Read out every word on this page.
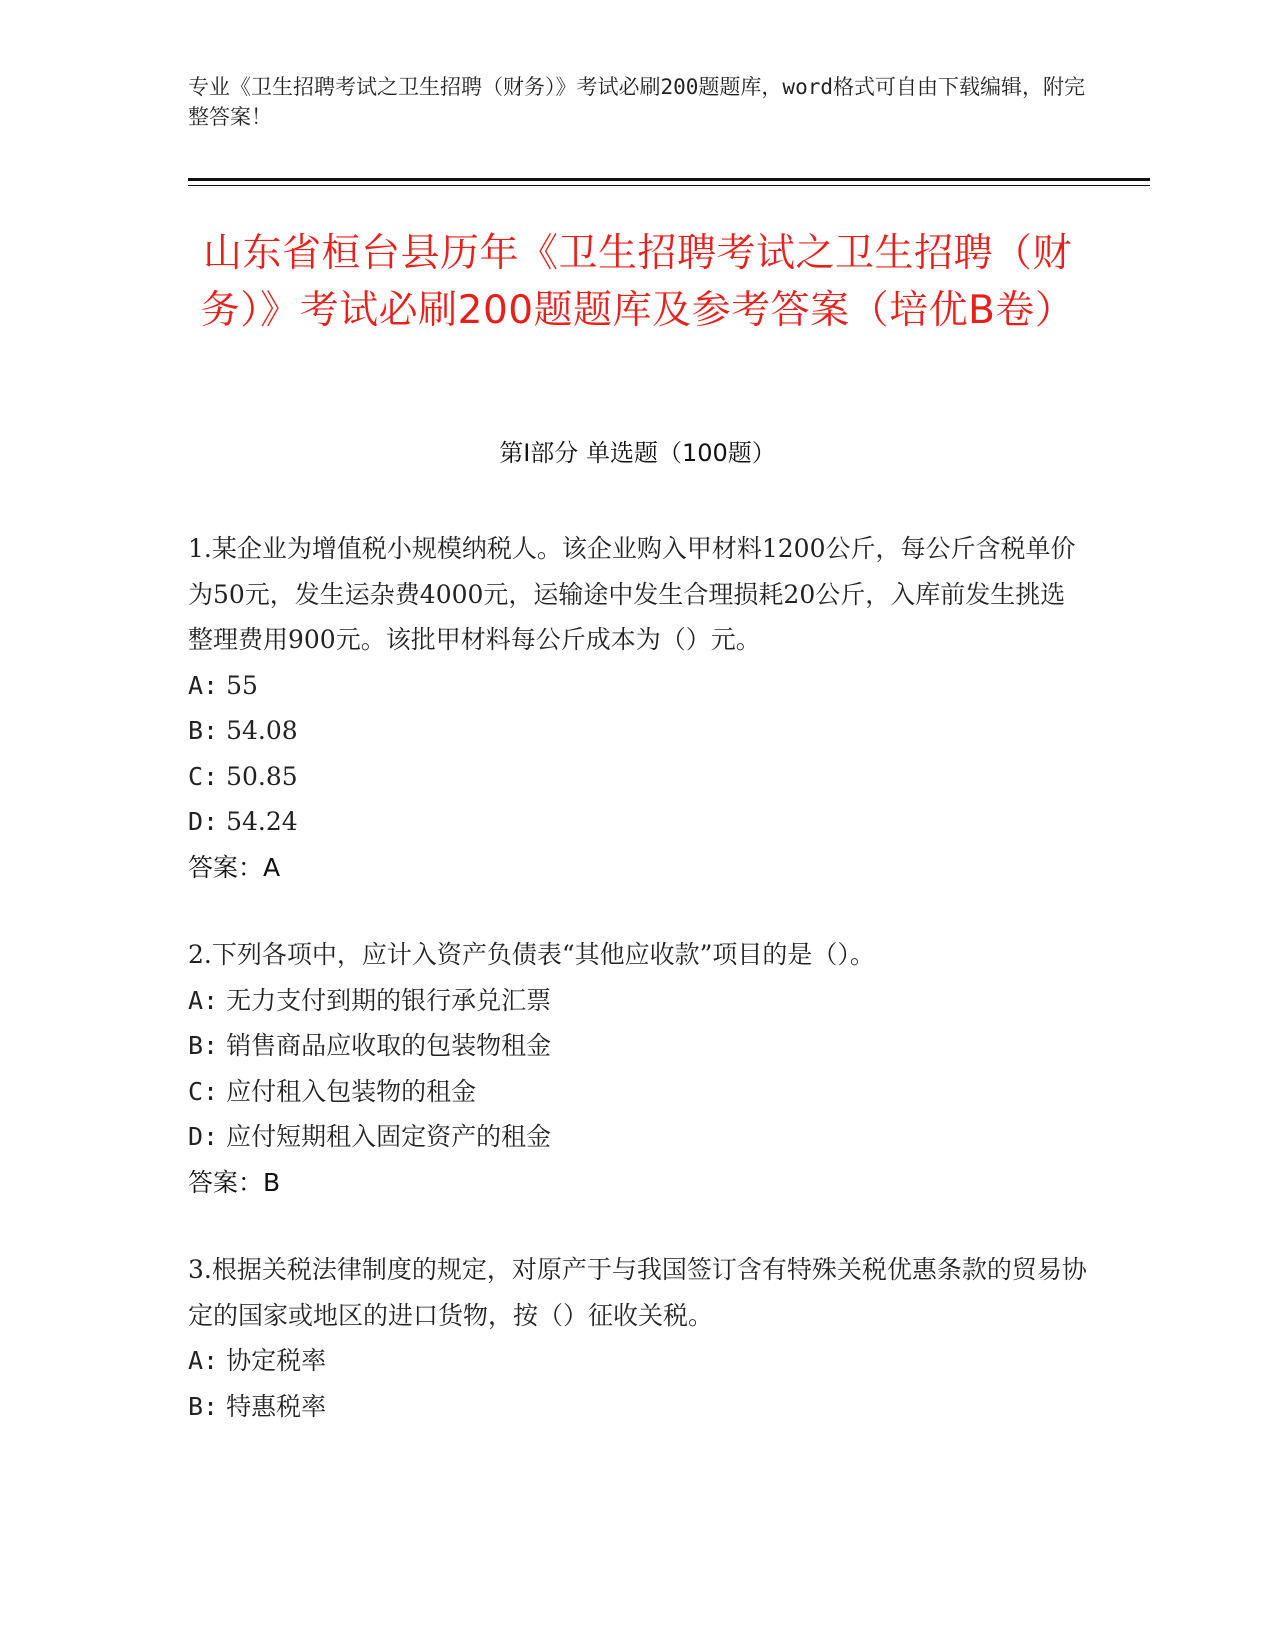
专业《卫生招聘考试之卫生招聘（财务）》考试必刷200题题库，word格式可自由下载编辑，附完整答案！
山东省桓台县历年《卫生招聘考试之卫生招聘（财务）》考试必刷200题题库及参考答案（培优B卷）
第Ⅰ部分 单选题（100题）
1.某企业为增值税小规模纳税人。该企业购入甲材料1200公斤，每公斤含税单价为50元，发生运杂费4000元，运输途中发生合理损耗20公斤，入库前发生挑选整理费用900元。该批甲材料每公斤成本为（）元。
A: 55
B: 54.08
C: 50.85
D: 54.24
答案：A
2.下列各项中，应计入资产负债表“其他应收款”项目的是（）。
A: 无力支付到期的银行承兑汇票
B: 销售商品应收取的包装物租金
C: 应付租入包装物的租金
D: 应付短期租入固定资产的租金
答案：B
3.根据关税法律制度的规定，对原产于与我国签订含有特殊关税优惠条款的贸易协定的国家或地区的进口货物，按（）征收关税。
A: 协定税率
B: 特惠税率
